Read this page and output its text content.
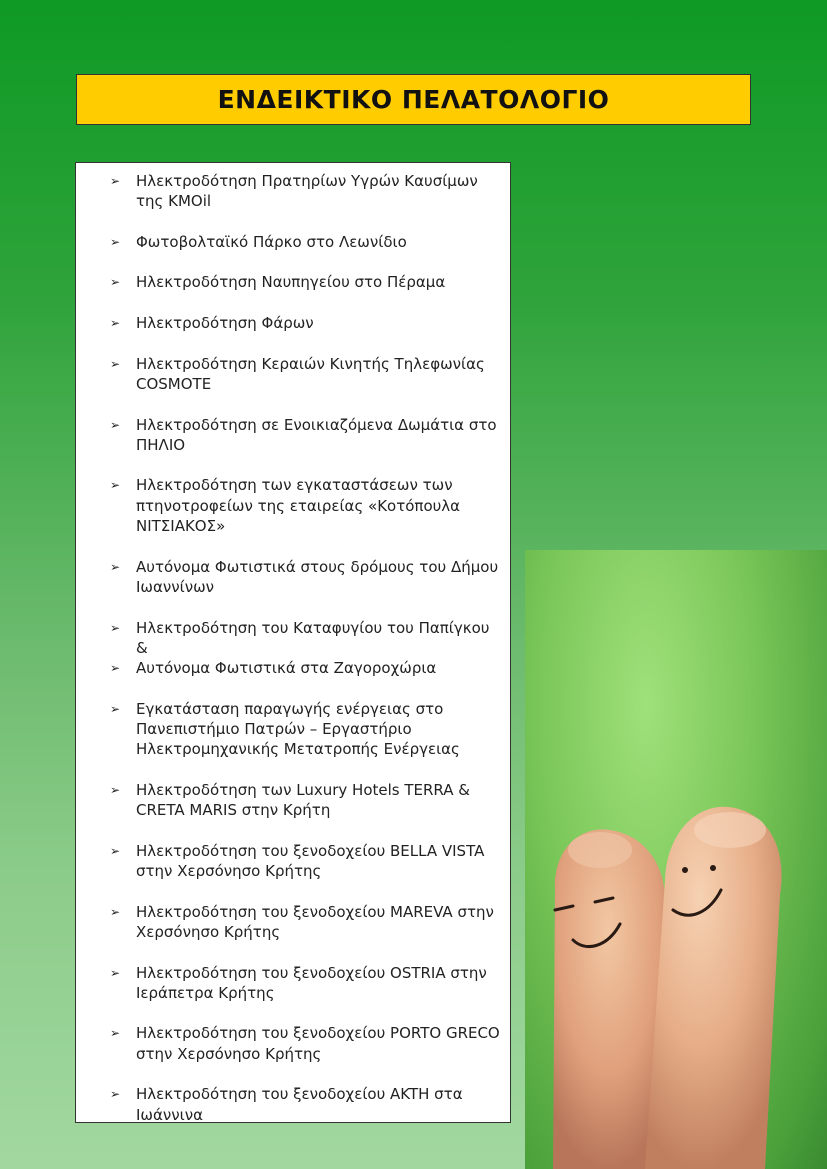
ΕΝΔΕΙΚΤΙΚΟ ΠΕΛΑΤΟΛΟΓΙΟ
➢ Ηλεκτροδότηση Πρατηρίων Υγρών Καυσίμων της KMOil
➢ Φωτοβολταϊκό Πάρκο στο Λεωνίδιο
➢ Ηλεκτροδότηση Ναυπηγείου στο Πέραμα
➢ Ηλεκτροδότηση Φάρων
➢ Ηλεκτροδότηση Κεραιών Κινητής Τηλεφωνίας COSMOTE
➢ Ηλεκτροδότηση σε Ενοικιαζόμενα Δωμάτια στο ΠΗΛΙΟ
➢ Ηλεκτροδότηση των εγκαταστάσεων των πτηνοτροφείων της εταιρείας «Κοτόπουλα ΝΙΤΣΙΑΚΟΣ»
➢ Αυτόνομα Φωτιστικά στους δρόμους του Δήμου Ιωαννίνων
➢ Ηλεκτροδότηση του Καταφυγίου του Παπίγκου &
➢ Αυτόνομα Φωτιστικά στα Ζαγοροχώρια
➢ Εγκατάσταση παραγωγής ενέργειας στο Πανεπιστήμιο Πατρών – Εργαστήριο Ηλεκτρομηχανικής Μετατροπής Ενέργειας
➢ Ηλεκτροδότηση των Luxury Hotels TERRA & CRETA MARIS στην Κρήτη
➢ Ηλεκτροδότηση του ξενοδοχείου BELLA VISTA στην Χερσόνησο Κρήτης
➢ Ηλεκτροδότηση του ξενοδοχείου MAREVA στην Χερσόνησο Κρήτης
➢ Ηλεκτροδότηση του ξενοδοχείου OSTRIA στην Ιεράπετρα Κρήτης
➢ Ηλεκτροδότηση του ξενοδοχείου PORTO GRECO στην Χερσόνησο Κρήτης
➢ Ηλεκτροδότηση του ξενοδοχείου AKTH στα Ιωάννινα
